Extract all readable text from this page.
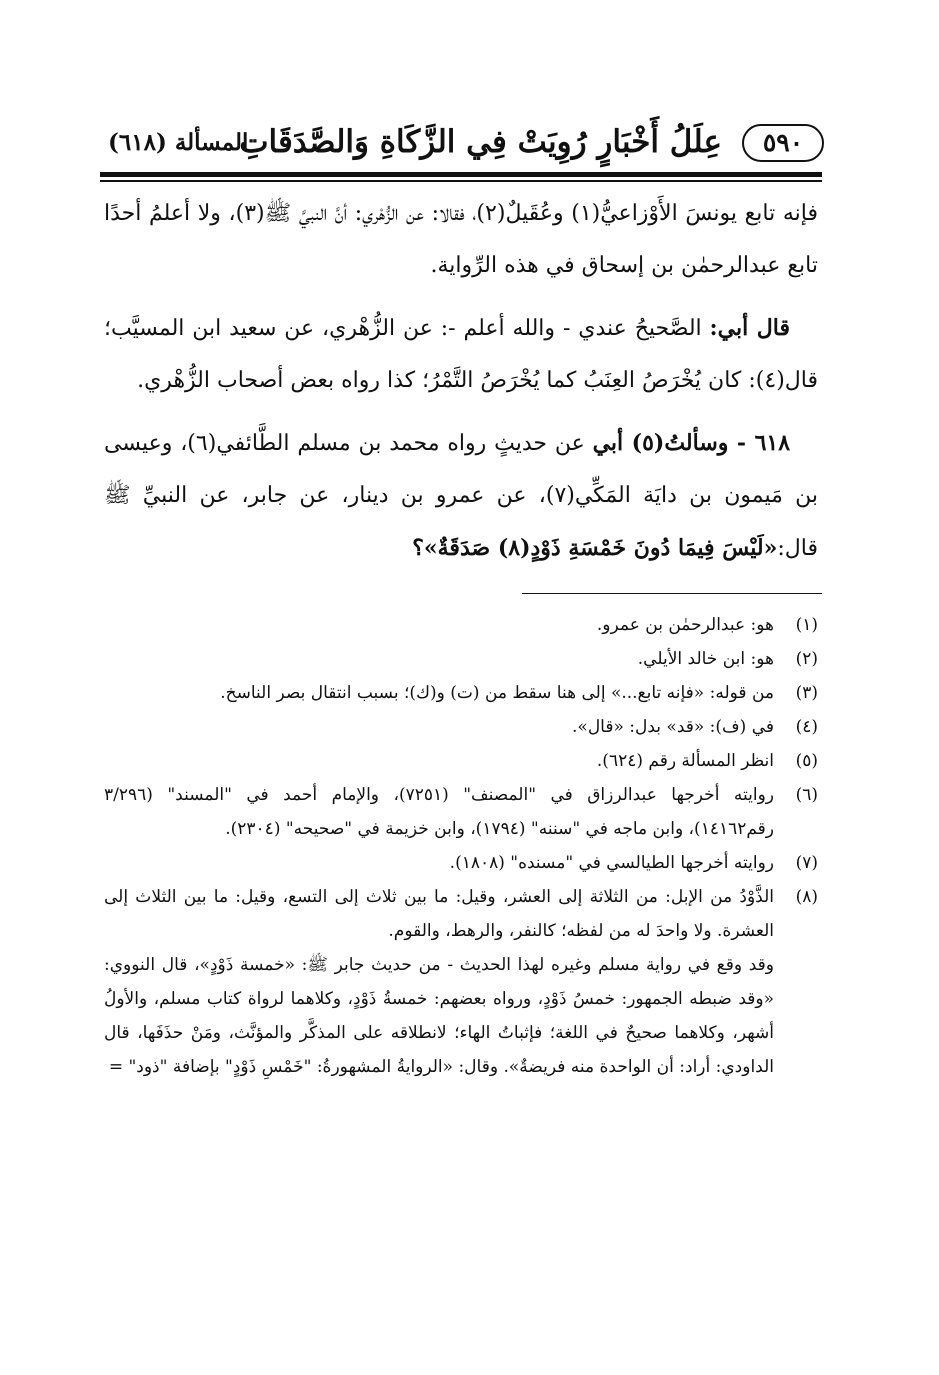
٥٩٠
عِلَلُ أَخْبَارٍ رُوِيَتْ فِي الزَّكَاةِ وَالصَّدَقَاتِ
المسألة (٦١٨)

فإنه تابع يونسَ الأَوْزاعيُّ(١) وعُقَيلٌ(٢)، فقالا: عن الزُّهْري: أنَّ النبيَّ ﷺ(٣)، ولا أعلمُ أحدًا تابع عبدالرحمٰن بن إسحاق في هذه الرِّواية.

قال أبي: الصَّحيحُ عندي - والله أعلم -: عن الزُّهْري، عن سعيد ابن المسيَّب؛ قال(٤): كان يُخْرَصُ العِنَبُ كما يُخْرَصُ التَّمْرُ؛ كذا رواه بعض أصحاب الزُّهْري.

٦١٨ - وسألتُ(٥) أبي عن حديثٍ رواه محمد بن مسلم الطَّائفي(٦)، وعيسى بن مَيمون بن دايَة المَكِّي(٧)، عن عمرو بن دينار، عن جابر، عن النبيِّ ﷺ قال:«لَيْسَ فِيمَا دُونَ خَمْسَةِ ذَوْدٍ(٨) صَدَقَةٌ»؟

(١)
هو: عبدالرحمٰن بن عمرو.
(٢)
هو: ابن خالد الأيلي.
(٣)
من قوله: «فإنه تابع...» إلى هنا سقط من (ت) و(ك)؛ بسبب انتقال بصر الناسخ.
(٤)
في (ف): «قد» بدل: «قال».
(٥)
انظر المسألة رقم (٦٢٤).
(٦)
روايته أخرجها عبدالرزاق في "المصنف" (٧٢٥١)، والإمام أحمد في "المسند" (٣/٢٩٦ رقم١٤١٦٢)، وابن ماجه في "سننه" (١٧٩٤)، وابن خزيمة في "صحيحه" (٢٣٠٤).
(٧)
روايته أخرجها الطيالسي في "مسنده" (١٨٠٨).
(٨)
الذَّوْدُ من الإبل: من الثلاثة إلى العشر، وقيل: ما بين ثلاث إلى التسع، وقيل: ما بين الثلاث إلى العشرة. ولا واحدَ له من لفظه؛ كالنفر، والرهط، والقوم.
وقد وقع في رواية مسلم وغيره لهذا الحديث - من حديث جابر ﷺ: «خمسة ذَوْدٍ»، قال النووي: «وقد ضبطه الجمهور: خمسُ ذَوْدٍ، ورواه بعضهم: خمسةُ ذَوْدٍ، وكلاهما لرواة كتاب مسلم، والأولُ أشهر، وكلاهما صحيحٌ في اللغة؛ فإثباتُ الهاء؛ لانطلاقه على المذكَّر والمؤنَّث، ومَنْ حذَفَها، قال الداودي: أراد: أن الواحدة منه فريضةٌ». وقال: «الروايةُ المشهورةُ: "خَمْسِ ذَوْدٍ" بإضافة "ذود" =
